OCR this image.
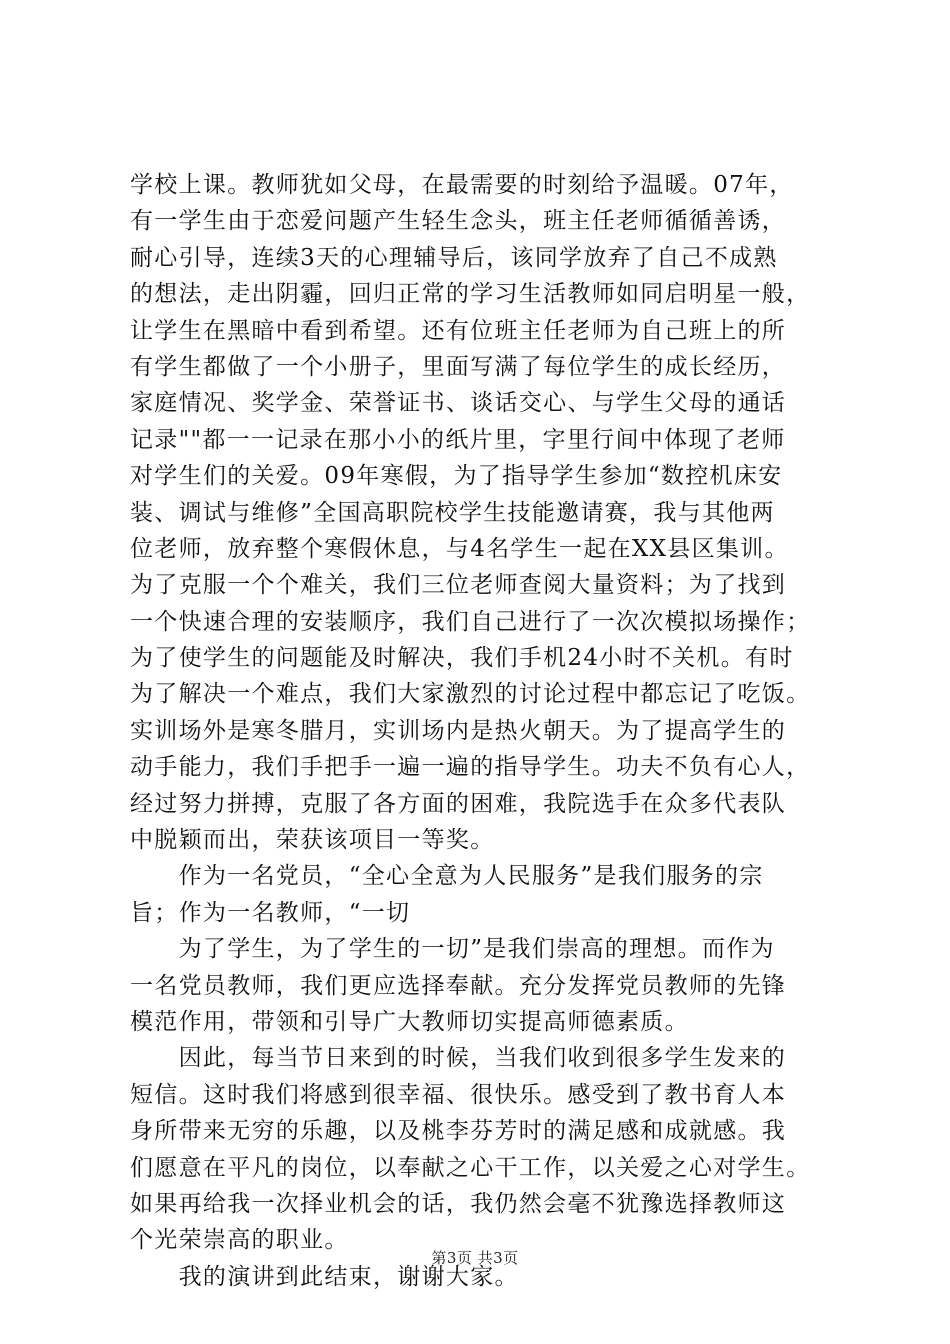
学校上课。教师犹如父母，在最需要的时刻给予温暖。07年，
有一学生由于恋爱问题产生轻生念头，班主任老师循循善诱，
耐心引导，连续3天的心理辅导后，该同学放弃了自己不成熟
的想法，走出阴霾，回归正常的学习生活教师如同启明星一般，
让学生在黑暗中看到希望。还有位班主任老师为自己班上的所
有学生都做了一个小册子，里面写满了每位学生的成长经历，
家庭情况、奖学金、荣誉证书、谈话交心、与学生父母的通话
记录""都一一记录在那小小的纸片里，字里行间中体现了老师
对学生们的关爱。09年寒假，为了指导学生参加“数控机床安
装、调试与维修”全国高职院校学生技能邀请赛，我与其他两
位老师，放弃整个寒假休息，与4名学生一起在XX县区集训。
为了克服一个个难关，我们三位老师查阅大量资料；为了找到
一个快速合理的安装顺序，我们自己进行了一次次模拟场操作；
为了使学生的问题能及时解决，我们手机24小时不关机。有时
为了解决一个难点，我们大家激烈的讨论过程中都忘记了吃饭。
实训场外是寒冬腊月，实训场内是热火朝天。为了提高学生的
动手能力，我们手把手一遍一遍的指导学生。功夫不负有心人，
经过努力拼搏，克服了各方面的困难，我院选手在众多代表队
中脱颖而出，荣获该项目一等奖。
　　作为一名党员，“全心全意为人民服务”是我们服务的宗
旨；作为一名教师，“一切
　　为了学生，为了学生的一切”是我们崇高的理想。而作为
一名党员教师，我们更应选择奉献。充分发挥党员教师的先锋
模范作用，带领和引导广大教师切实提高师德素质。
　　因此，每当节日来到的时候，当我们收到很多学生发来的
短信。这时我们将感到很幸福、很快乐。感受到了教书育人本
身所带来无穷的乐趣，以及桃李芬芳时的满足感和成就感。我
们愿意在平凡的岗位，以奉献之心干工作，以关爱之心对学生。
如果再给我一次择业机会的话，我仍然会毫不犹豫选择教师这
个光荣崇高的职业。
　　我的演讲到此结束，谢谢大家。
第3页 共3页
